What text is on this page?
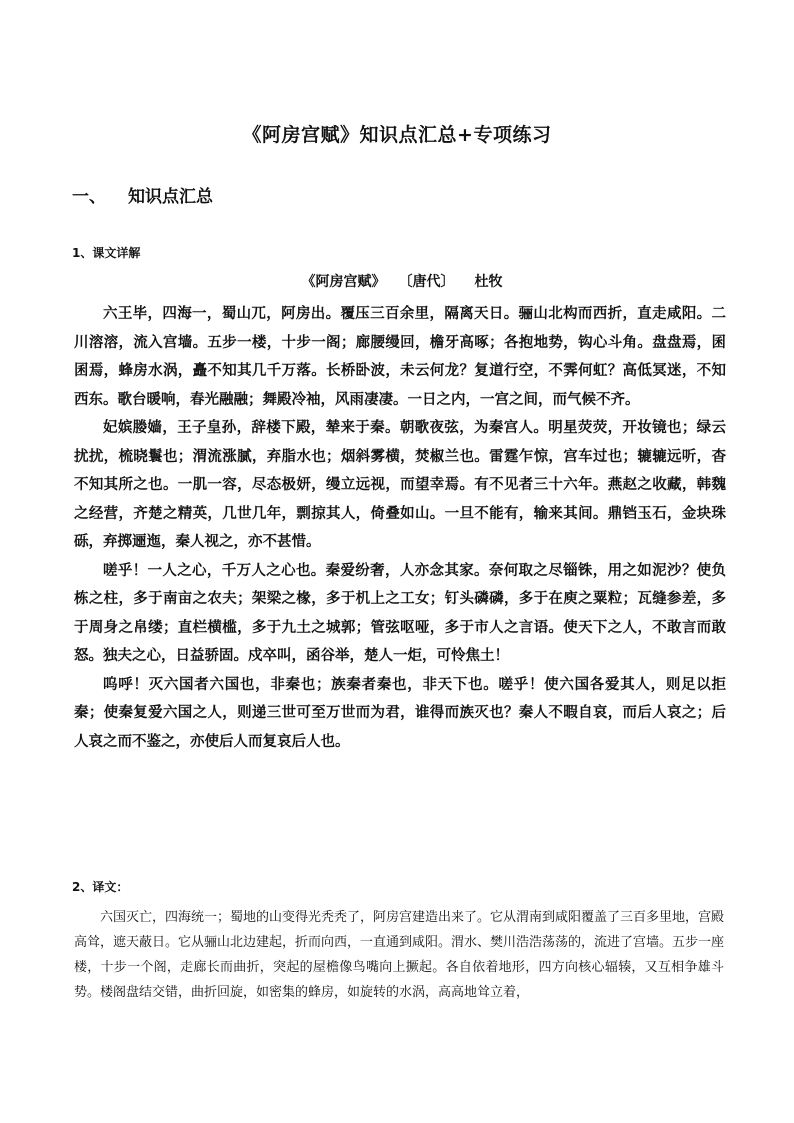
《阿房宫赋》知识点汇总+专项练习
一、 知识点汇总
1、课文详解
《阿房宫赋》 〔唐代〕 杜牧

六王毕，四海一，蜀山兀，阿房出。覆压三百余里，隔离天日。骊山北构而西折，直走咸阳。二川溶溶，流入宫墙。五步一楼，十步一阁；廊腰缦回，檐牙高啄；各抱地势，钩心斗角。盘盘焉，囷囷焉，蜂房水涡，矗不知其几千万落。长桥卧波，未云何龙？复道行空，不霁何虹？高低冥迷，不知西东。歌台暖响，春光融融；舞殿冷袖，风雨凄凄。一日之内，一宫之间，而气候不齐。

妃嫔媵嫱，王子皇孙，辞楼下殿，辇来于秦。朝歌夜弦，为秦宫人。明星荧荧，开妆镜也；绿云扰扰，梳晓鬟也；渭流涨腻，弃脂水也；烟斜雾横，焚椒兰也。雷霆乍惊，宫车过也；辘辘远听，杳不知其所之也。一肌一容，尽态极妍，缦立远视，而望幸焉。有不见者三十六年。燕赵之收藏，韩魏之经营，齐楚之精英，几世几年，剽掠其人，倚叠如山。一旦不能有，输来其间。鼎铛玉石，金块珠砾，弃掷逦迤，秦人视之，亦不甚惜。

嗟乎！一人之心，千万人之心也。秦爱纷奢，人亦念其家。奈何取之尽锱铢，用之如泥沙？使负栋之柱，多于南亩之农夫；架梁之椽，多于机上之工女；钉头磷磷，多于在庾之粟粒；瓦缝参差，多于周身之帛缕；直栏横槛，多于九土之城郭；管弦呕哑，多于市人之言语。使天下之人，不敢言而敢怒。独夫之心，日益骄固。戍卒叫，函谷举，楚人一炬，可怜焦土！

呜呼！灭六国者六国也，非秦也；族秦者秦也，非天下也。嗟乎！使六国各爱其人，则足以拒秦；使秦复爱六国之人，则递三世可至万世而为君，谁得而族灭也？秦人不暇自哀，而后人哀之；后人哀之而不鉴之，亦使后人而复哀后人也。

2、译文：

六国灭亡，四海统一；蜀地的山变得光秃秃了，阿房宫建造出来了。它从渭南到咸阳覆盖了三百多里地，宫殿高耸，遮天蔽日。它从骊山北边建起，折而向西，一直通到咸阳。渭水、樊川浩浩荡荡的，流进了宫墙。五步一座楼，十步一个阁，走廊长而曲折，突起的屋檐像鸟嘴向上撅起。各自依着地形，四方向核心辐辏，又互相争雄斗势。楼阁盘结交错，曲折回旋，如密集的蜂房，如旋转的水涡，高高地耸立着，
